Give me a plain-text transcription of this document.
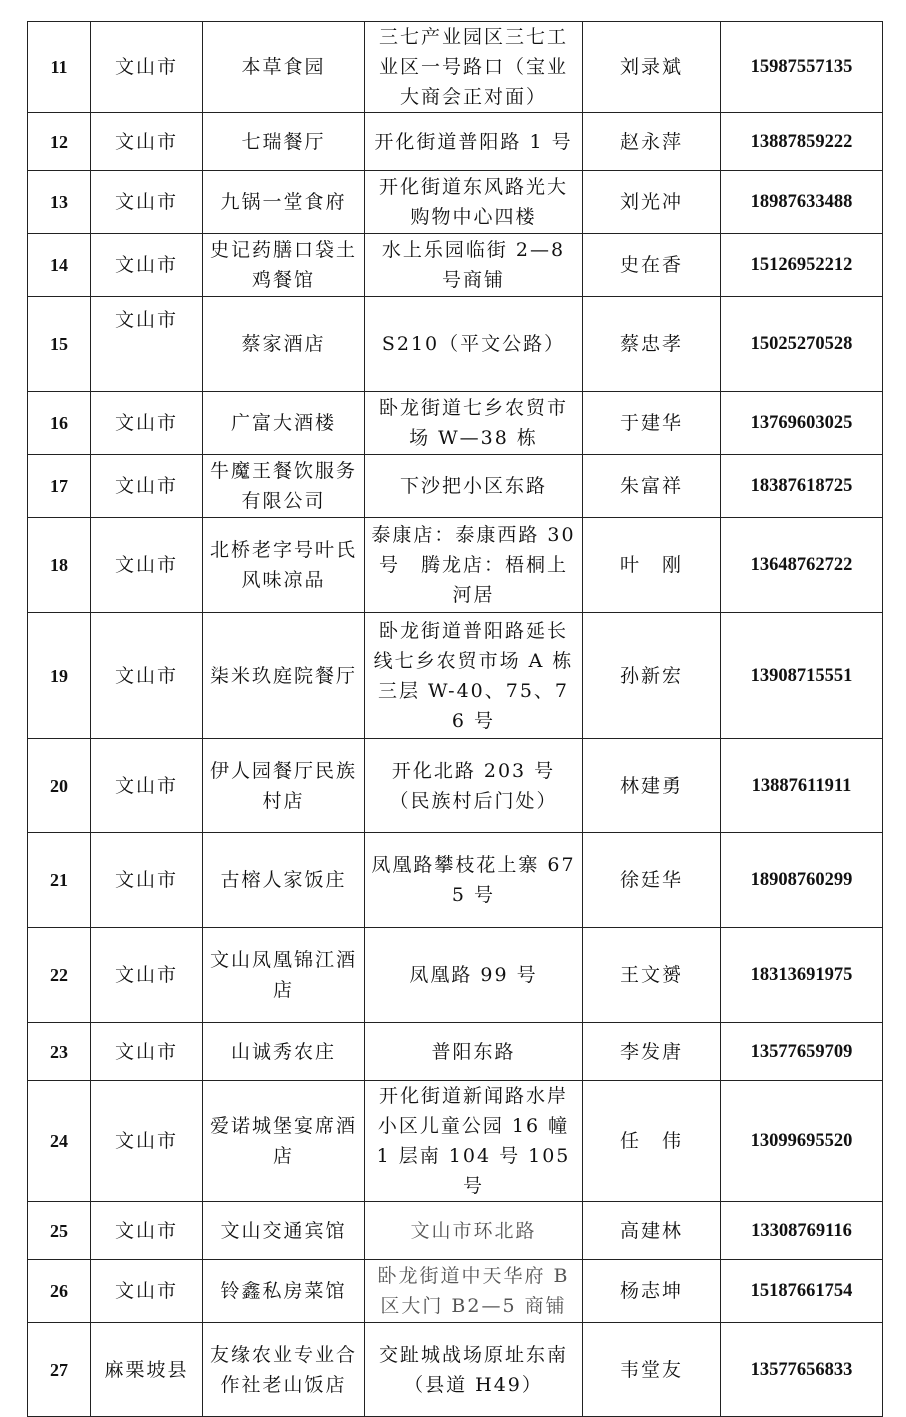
11	文山市	本草食园	三七产业园区三七工业区一号路口（宝业大商会正对面）	刘录斌	15987557135
12	文山市	七瑞餐厅	开化街道普阳路 1 号	赵永萍	13887859222
13	文山市	九锅一堂食府	开化街道东风路光大购物中心四楼	刘光冲	18987633488
14	文山市	史记药膳口袋土鸡餐馆	水上乐园临街 2—8 号商铺	史在香	15126952212
15	文山市	蔡家酒店	S210（平文公路）	蔡忠孝	15025270528
16	文山市	广富大酒楼	卧龙街道七乡农贸市场 W—38 栋	于建华	13769603025
17	文山市	牛魔王餐饮服务有限公司	下沙把小区东路	朱富祥	18387618725
18	文山市	北桥老字号叶氏风味凉品	泰康店：泰康西路 30 号　腾龙店：梧桐上河居	叶　刚	13648762722
19	文山市	柒米玖庭院餐厅	卧龙街道普阳路延长线七乡农贸市场 A 栋三层 W-40、75、76 号	孙新宏	13908715551
20	文山市	伊人园餐厅民族村店	开化北路 203 号（民族村后门处）	林建勇	13887611911
21	文山市	古榕人家饭庄	凤凰路攀枝花上寨 675 号	徐廷华	18908760299
22	文山市	文山凤凰锦江酒店	凤凰路 99 号	王文赟	18313691975
23	文山市	山诚秀农庄	普阳东路	李发唐	13577659709
24	文山市	爱诺城堡宴席酒店	开化街道新闻路水岸小区儿童公园 16 幢 1 层南 104 号 105 号	任　伟	13099695520
25	文山市	文山交通宾馆	文山市环北路	高建林	13308769116
26	文山市	铃鑫私房菜馆	卧龙街道中天华府 B 区大门 B2—5 商铺	杨志坤	15187661754
27	麻栗坡县	友缘农业专业合作社老山饭店	交趾城战场原址东南（县道 H49）	韦堂友	13577656833
